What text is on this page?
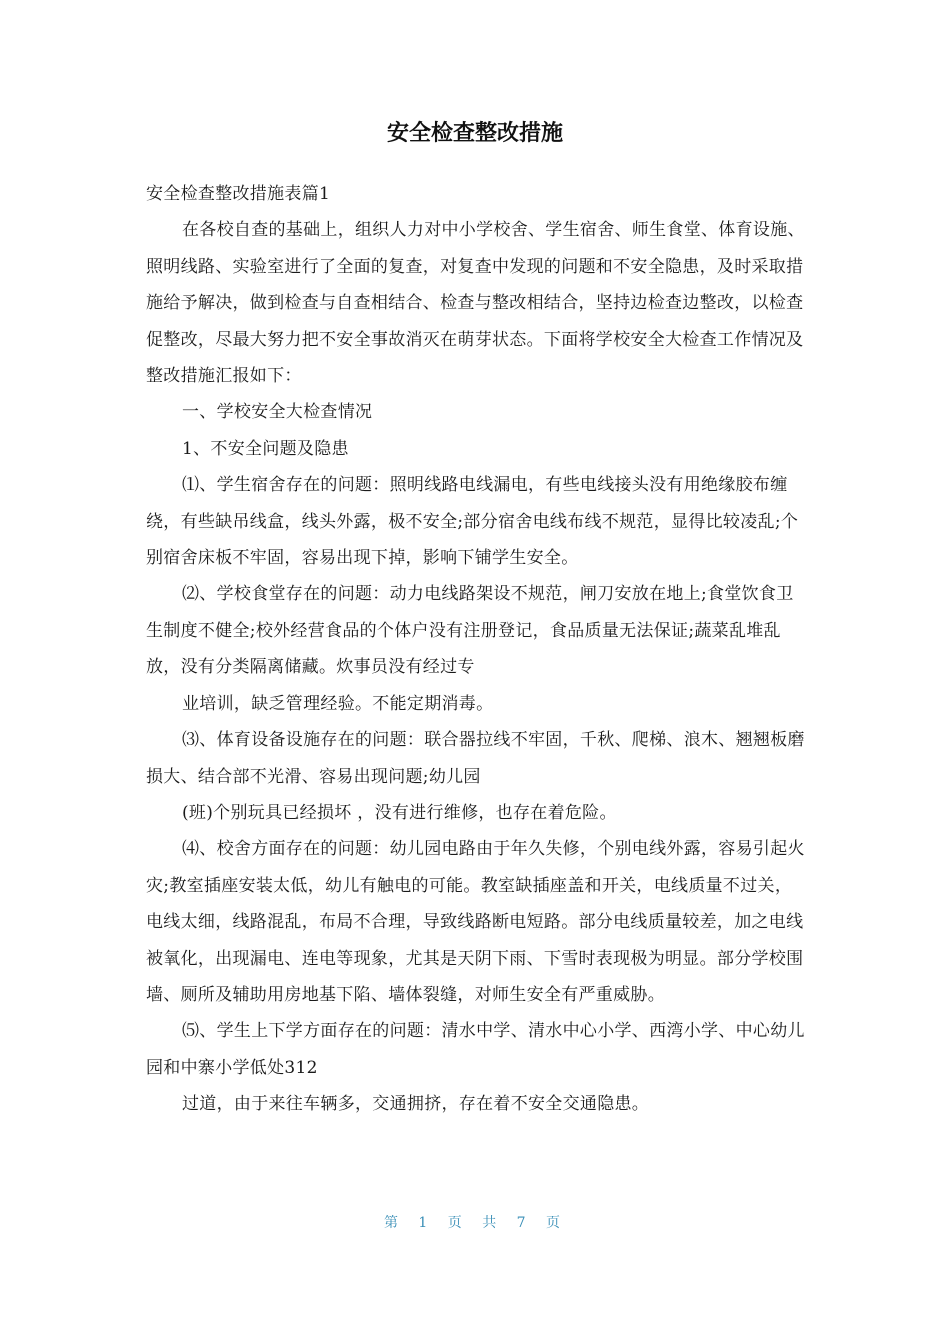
安全检查整改措施

安全检查整改措施表篇1

在各校自查的基础上，组织人力对中小学校舍、学生宿舍、师生食堂、体育设施、照明线路、实验室进行了全面的复查，对复查中发现的问题和不安全隐患，及时采取措施给予解决，做到检查与自查相结合、检查与整改相结合，坚持边检查边整改，以检查促整改，尽最大努力把不安全事故消灭在萌芽状态。下面将学校安全大检查工作情况及整改措施汇报如下：

一、学校安全大检查情况

1、不安全问题及隐患

⑴、学生宿舍存在的问题：照明线路电线漏电，有些电线接头没有用绝缘胶布缠绕，有些缺吊线盒，线头外露，极不安全;部分宿舍电线布线不规范，显得比较凌乱;个别宿舍床板不牢固，容易出现下掉，影响下铺学生安全。

⑵、学校食堂存在的问题：动力电线路架设不规范，闸刀安放在地上;食堂饮食卫生制度不健全;校外经营食品的个体户没有注册登记，食品质量无法保证;蔬菜乱堆乱放，没有分类隔离储藏。炊事员没有经过专

业培训，缺乏管理经验。不能定期消毒。

⑶、体育设备设施存在的问题：联合器拉线不牢固，千秋、爬梯、浪木、翘翘板磨损大、结合部不光滑、容易出现问题;幼儿园

(班)个别玩具已经损坏 ，没有进行维修，也存在着危险。

⑷、校舍方面存在的问题：幼儿园电路由于年久失修，个别电线外露，容易引起火灾;教室插座安装太低，幼儿有触电的可能。教室缺插座盖和开关，电线质量不过关，电线太细，线路混乱，布局不合理，导致线路断电短路。部分电线质量较差，加之电线被氧化，出现漏电、连电等现象，尤其是天阴下雨、下雪时表现极为明显。部分学校围墙、厕所及辅助用房地基下陷、墙体裂缝，对师生安全有严重威胁。

⑸、学生上下学方面存在的问题：清水中学、清水中心小学、西湾小学、中心幼儿园和中寨小学低处312

过道，由于来往车辆多，交通拥挤，存在着不安全交通隐患。

第 1 页 共 7 页
